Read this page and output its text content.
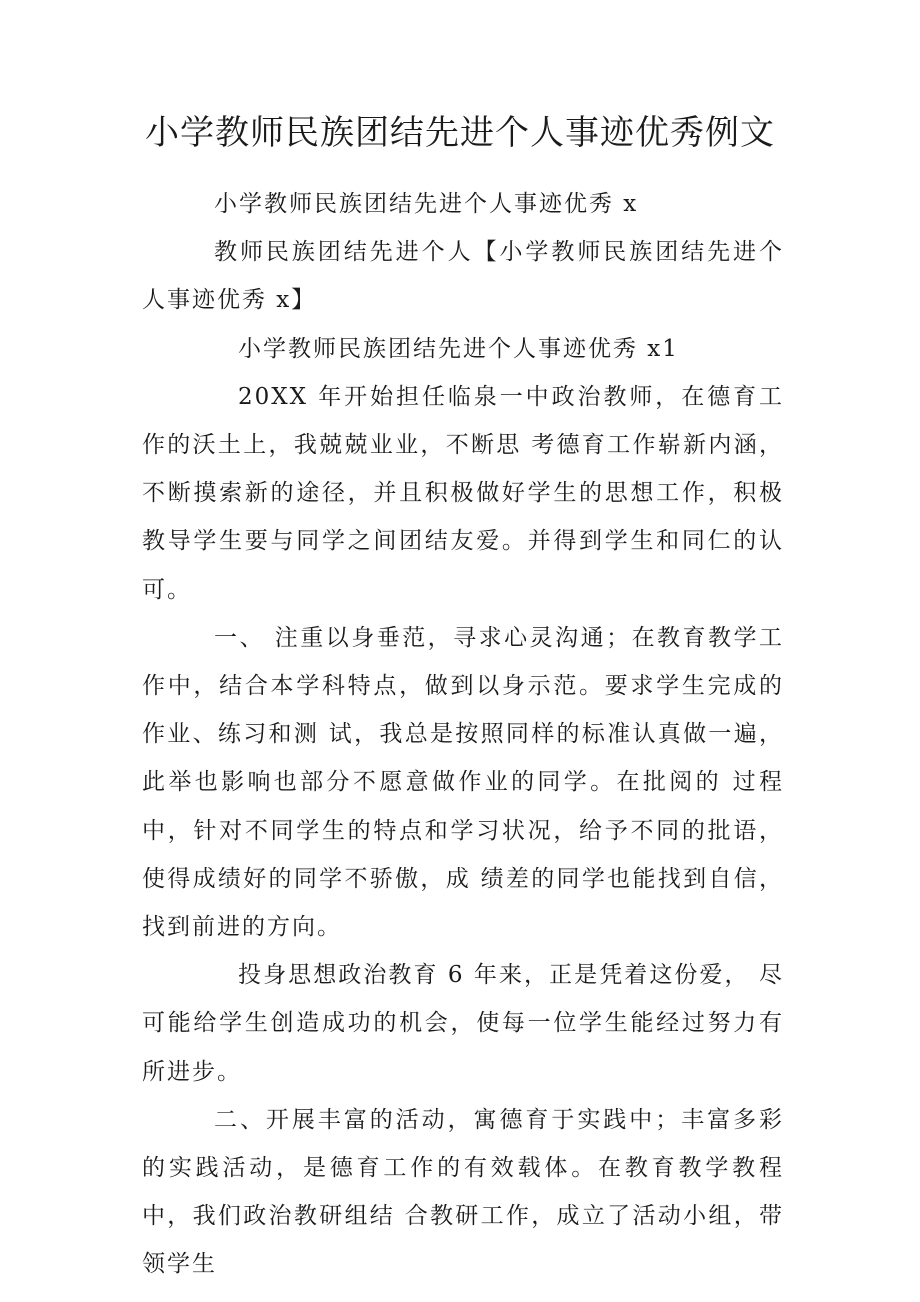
小学教师民族团结先进个人事迹优秀例文

小学教师民族团结先进个人事迹优秀 x

教师民族团结先进个人【小学教师民族团结先进个人事迹优秀 x】

小学教师民族团结先进个人事迹优秀 x1

20XX 年开始担任临泉一中政治教师，在德育工作的沃土上，我兢兢业业，不断思 考德育工作崭新内涵，不断摸索新的途径，并且积极做好学生的思想工作，积极教导学生要与同学之间团结友爱。并得到学生和同仁的认可。

一、 注重以身垂范，寻求心灵沟通；在教育教学工作中，结合本学科特点，做到以身示范。要求学生完成的作业、练习和测 试，我总是按照同样的标准认真做一遍，此举也影响也部分不愿意做作业的同学。在批阅的 过程中，针对不同学生的特点和学习状况，给予不同的批语，使得成绩好的同学不骄傲，成 绩差的同学也能找到自信，找到前进的方向。

投身思想政治教育 6 年来，正是凭着这份爱， 尽可能给学生创造成功的机会，使每一位学生能经过努力有所进步。

二、开展丰富的活动，寓德育于实践中；丰富多彩的实践活动，是德育工作的有效载体。在教育教学教程中，我们政治教研组结 合教研工作，成立了活动小组，带领学生
